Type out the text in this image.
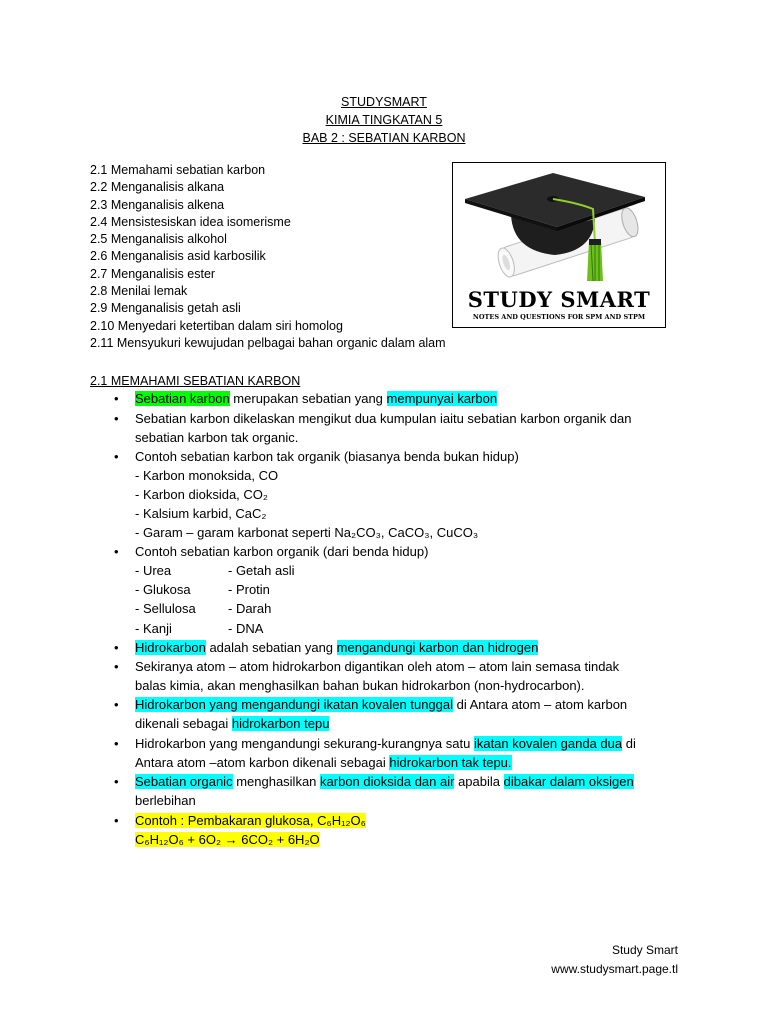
STUDYSMART
KIMIA TINGKATAN 5
BAB 2 : SEBATIAN KARBON
2.1 Memahami sebatian karbon
2.2 Menganalisis alkana
2.3 Menganalisis alkena
2.4 Mensistesiskan idea isomerisme
2.5 Menganalisis alkohol
2.6 Menganalisis asid karbosilik
2.7 Menganalisis ester
2.8 Menilai lemak
2.9 Menganalisis getah asli
2.10 Menyedari ketertiban dalam siri homolog
2.11 Mensyukuri kewujudan pelbagai bahan organic dalam alam
STUDY SMART
NOTES AND QUESTIONS FOR SPM AND STPM
2.1 MEMAHAMI SEBATIAN KARBON
• Sebatian karbon merupakan sebatian yang mempunyai karbon
• Sebatian karbon dikelaskan mengikut dua kumpulan iaitu sebatian karbon organik dan
sebatian karbon tak organic.
• Contoh sebatian karbon tak organik (biasanya benda bukan hidup)
- Karbon monoksida, CO
- Karbon dioksida, CO₂
- Kalsium karbid, CaC₂
- Garam – garam karbonat seperti Na₂CO₃, CaCO₃, CuCO₃
• Contoh sebatian karbon organik (dari benda hidup)
- Urea	- Getah asli
- Glukosa	- Protin
- Sellulosa - Darah
- Kanji	- DNA
• Hidrokarbon adalah sebatian yang mengandungi karbon dan hidrogen
• Sekiranya atom – atom hidrokarbon digantikan oleh atom – atom lain semasa tindak
balas kimia, akan menghasilkan bahan bukan hidrokarbon (non-hydrocarbon).
• Hidrokarbon yang mengandungi ikatan kovalen tunggal di Antara atom – atom karbon
dikenali sebagai hidrokarbon tepu
• Hidrokarbon yang mengandungi sekurang-kurangnya satu ikatan kovalen ganda dua di
Antara atom –atom karbon dikenali sebagai hidrokarbon tak tepu.
• Sebatian organic menghasilkan karbon dioksida dan air apabila dibakar dalam oksigen
berlebihan
• Contoh : Pembakaran glukosa, C₆H₁₂O₆
C₆H₁₂O₆ + 6O₂ → 6CO₂ + 6H₂O
Study Smart
www.studysmart.page.tl
